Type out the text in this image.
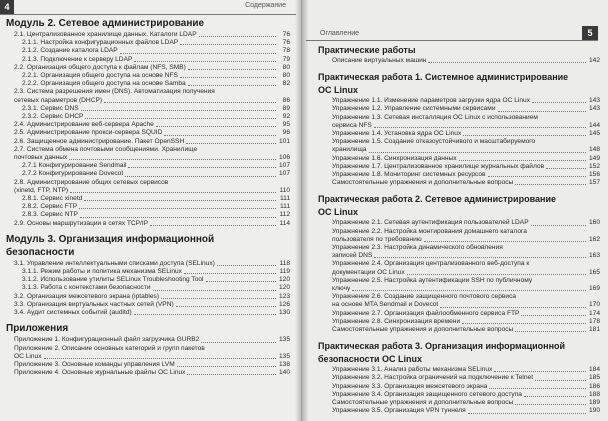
4	Содержание
Модуль 2. Сетевое администрирование
2.1. Централизованное хранилище данных. Каталоги LDAP	76
2.1.1. Настройка конфигурационных файлов LDAP	76
2.1.2. Создание каталога LDAP	78
2.1.3. Подключение к серверу LDAP	79
2.2. Организация общего доступа к файлам (NFS, SMB)	80
2.2.1. Организация общего доступа на основе NFS	80
2.2.2. Организация общего доступа на основе Samba	82
2.3. Система разрешения имен (DNS). Автоматизация получения
сетевых параметров (DHCP)	86
2.3.1. Сервис DNS	89
2.3.2. Сервис DHCP	92
2.4. Администрирование веб-сервера Apache	95
2.5. Администрирование прокси-сервера SQUID	96
2.6. Защищенное администрирование. Пакет OpenSSH	101
2.7. Система обмена почтовыми сообщениями. Хранилище
почтовых данных	106
2.7.1 Конфигурирование Sendmail	107
2.7.2 Конфигурирование Dovecot	107
2.8. Администрирование общих сетевых сервисов
(xinetd, FTP, NTP)	110
2.8.1. Сервис xinetd	111
2.8.2. Сервис FTP	111
2.8.3. Сервис NTP	112
2.9. Основы маршрутизации в сетях TCP/IP	114
Модуль 3. Организация информационной
безопасности
3.1. Управление интеллектуальными списками доступа (SELinux)	118
3.1.1. Режим работы и политика механизма SELinux	119
3.1.2. Использование утилиты SELinux Troubleshooting Tool	120
3.1.3. Работа с контекстами безопасности	120
3.2. Организация межсетевого экрана (iptables)	123
3.3. Организация виртуальных частных сетей (VPN)	126
3.4. Аудит системных событий (auditd)	130
Приложения
Приложение 1. Конфигурационный файл загрузчика GURB2	135
Приложение 2. Описание основных категорий и групп пакетов
OC Linux	135
Приложение 3. Основные команды управления LVM	138
Приложение 4. Основные журнальные файлы OC Linux	140
Оглавление	5
Практические работы
Описание виртуальных машин	142
Практическая работа 1. Системное администрирование
OC Linux
Упражнение 1.1. Изменение параметров загрузки ядра OC Linux	143
Упражнение 1.2. Управление системными сервисами	143
Упражнение 1.3. Сетевая инсталляция OC Linux с использованием
сервиса NFS	144
Упражнение 1.4. Установка ядра OC Linux	145
Упражнение 1.5. Создание отказоустойчивого и масштабируемого
хранилища	148
Упражнение 1.6. Синхронизация данных	149
Упражнение 1.7. Централизованное хранилище журнальных файлов	152
Упражнение 1.8. Мониторинг системных ресурсов	156
Самостоятельные упражнения и дополнительные вопросы	157
Практическая работа 2. Сетевое администрирование
OC Linux
Упражнение 2.1. Сетевая аутентификация пользователей LDAP	160
Упражнение 2.2. Настройка монтирования домашнего каталога
пользователя по требованию	162
Упражнение 2.3. Настройка динамического обновления
записей DNS	163
Упражнение 2.4. Организация централизованного веб-доступа к
документации OC Linux	165
Упражнение 2.5. Настройка аутентификации SSH по публичному
ключу	169
Упражнение 2.6. Создание защищенного почтового сервиса
на основе MTA Sendmail и Dovecot	170
Упражнение 2.7. Организация файлообменного сервиса FTP	174
Упражнение 2.8. Синхронизация времени	178
Самостоятельные упражнения и дополнительные вопросы	181
Практическая работа 3. Организация информационной
безопасности OC Linux
Упражнение 3.1. Анализ работы механизма SELinux	184
Упражнение 3.2. Настройка ограничений на подключение к Telnet	185
Упражнение 3.3. Организация межсетевого экрана	186
Упражнение 3.4. Организация защищенного сетевого доступа	188
Самостоятельные упражнения и дополнительные вопросы	189
Упражнение 3.5. Организация VPN туннеля	190
